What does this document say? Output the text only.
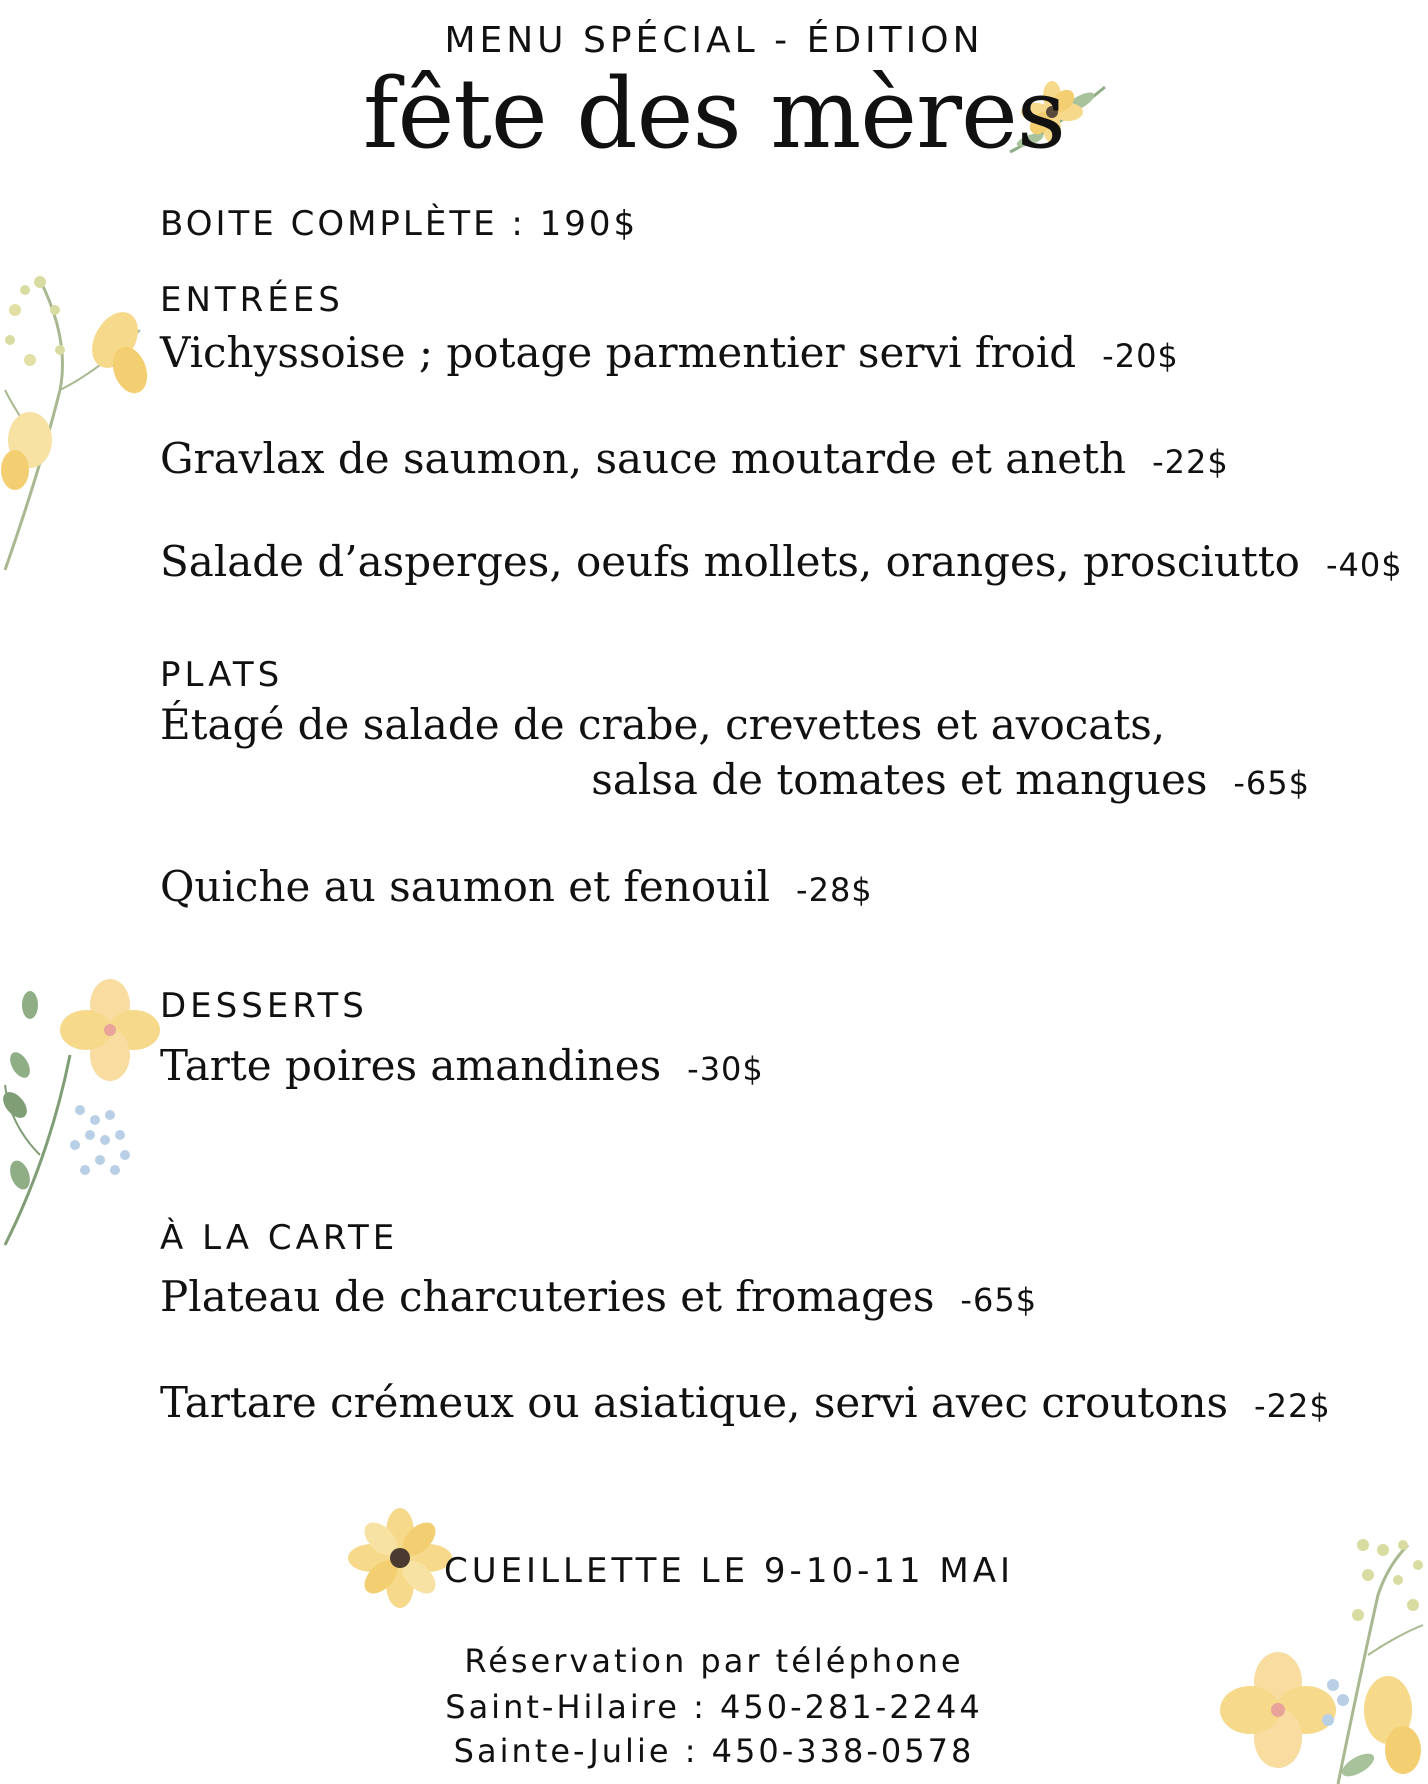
MENU SPÉCIAL - ÉDITION
fête des mères
BOITE COMPLÈTE : 190$
ENTRÉES
Vichyssoise ; potage parmentier servi froid -20$
Gravlax de saumon, sauce moutarde et aneth -22$
Salade d’asperges, oeufs mollets, oranges, prosciutto -40$
PLATS
Étagé de salade de crabe, crevettes et avocats,
salsa de tomates et mangues -65$
Quiche au saumon et fenouil -28$
DESSERTS
Tarte poires amandines -30$
À LA CARTE
Plateau de charcuteries et fromages -65$
Tartare crémeux ou asiatique, servi avec croutons -22$
CUEILLETTE LE 9-10-11 MAI
Réservation par téléphone
Saint-Hilaire : 450-281-2244
Sainte-Julie : 450-338-0578
